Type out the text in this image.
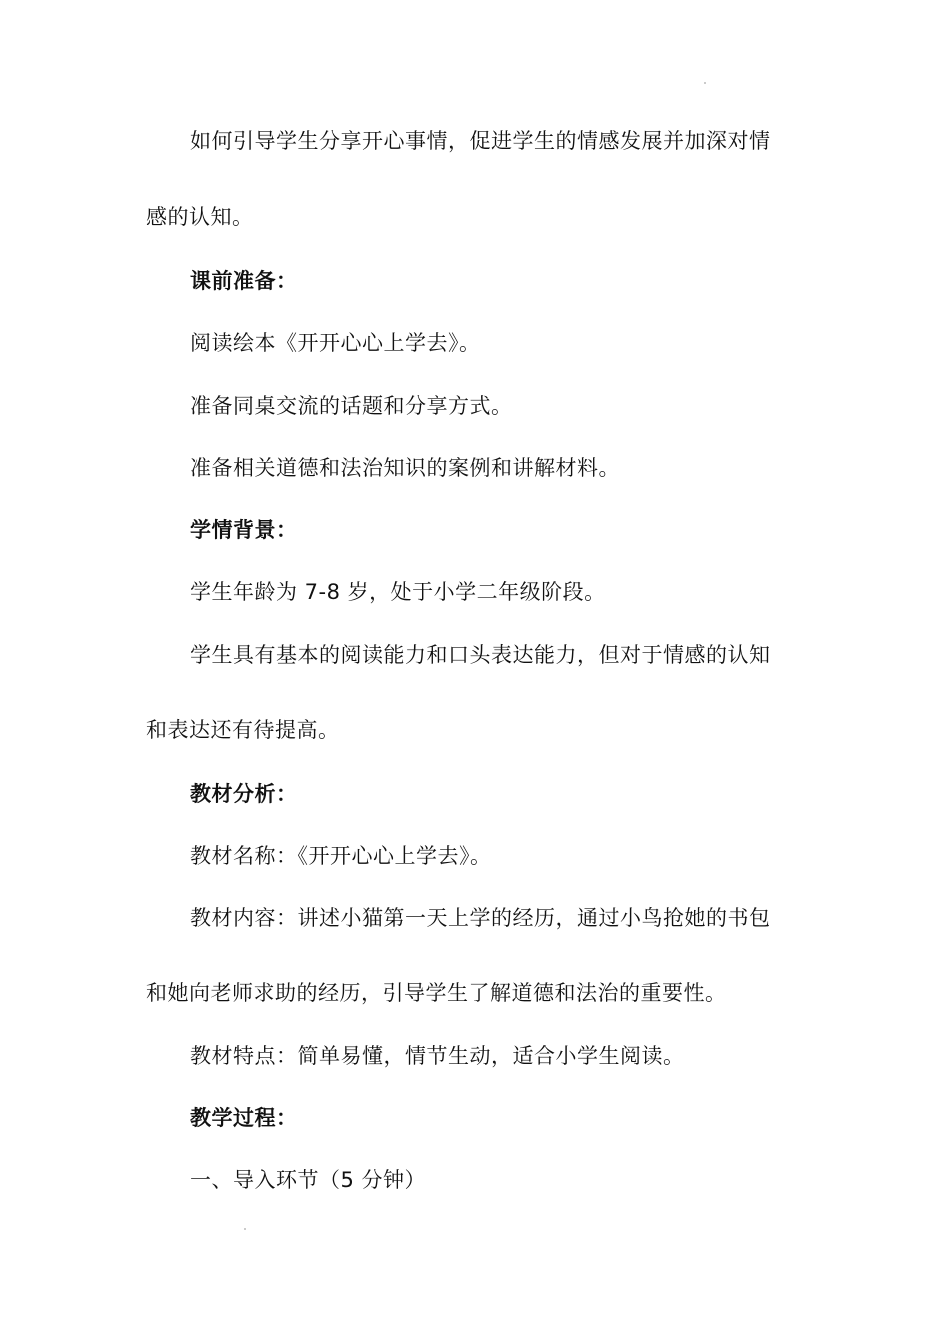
如何引导学生分享开心事情，促进学生的情感发展并加深对情
感的认知。
课前准备：
阅读绘本《开开心心上学去》。
准备同桌交流的话题和分享方式。
准备相关道德和法治知识的案例和讲解材料。
学情背景：
学生年龄为 7-8 岁，处于小学二年级阶段。
学生具有基本的阅读能力和口头表达能力，但对于情感的认知
和表达还有待提高。
教材分析：
教材名称：《开开心心上学去》。
教材内容：讲述小猫第一天上学的经历，通过小鸟抢她的书包
和她向老师求助的经历，引导学生了解道德和法治的重要性。
教材特点：简单易懂，情节生动，适合小学生阅读。
教学过程：
一、导入环节（5 分钟）
